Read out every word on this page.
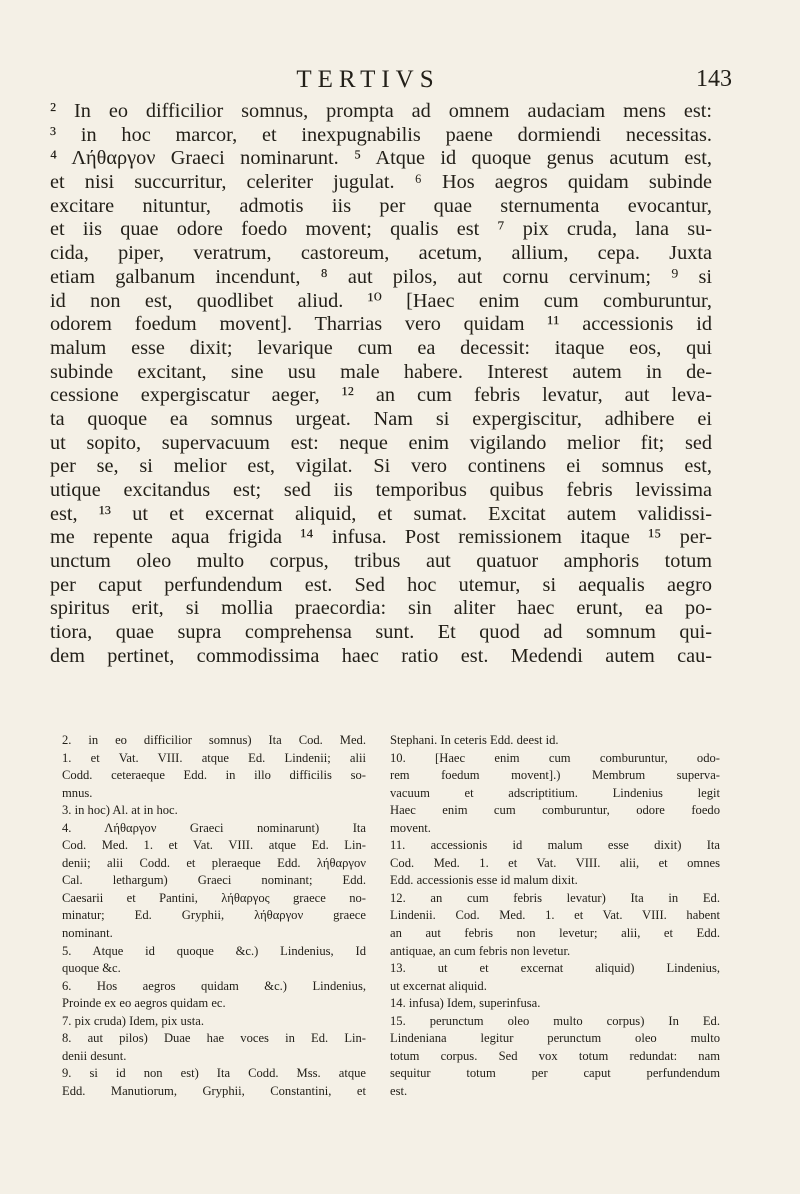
TERTIVS	143
² In eo difficilior somnus, prompta ad omnem audaciam mens est:
³ in hoc marcor, et inexpugnabilis paene dormiendi necessitas.
⁴ Λήθαργον Graeci nominarunt. ⁵ Atque id quoque genus acutum est,
et nisi succurritur, celeriter jugulat. ⁶ Hos aegros quidam subinde
excitare nituntur, admotis iis per quae sternumenta evocantur,
et iis quae odore foedo movent; qualis est ⁷ pix cruda, lana su-
cida, piper, veratrum, castoreum, acetum, allium, cepa. Juxta
etiam galbanum incendunt, ⁸ aut pilos, aut cornu cervinum; ⁹ si
id non est, quodlibet aliud. ¹⁰ [Haec enim cum comburuntur,
odorem foedum movent]. Tharrias vero quidam ¹¹ accessionis id
malum esse dixit; levarique cum ea decessit: itaque eos, qui
subinde excitant, sine usu male habere. Interest autem in de-
cessione expergiscatur aeger, ¹² an cum febris levatur, aut leva-
ta quoque ea somnus urgeat. Nam si expergiscitur, adhibere ei
ut sopito, supervacuum est: neque enim vigilando melior fit; sed
per se, si melior est, vigilat. Si vero continens ei somnus est,
utique excitandus est; sed iis temporibus quibus febris levissima
est, ¹³ ut et excernat aliquid, et sumat. Excitat autem validissi-
me repente aqua frigida ¹⁴ infusa. Post remissionem itaque ¹⁵ per-
unctum oleo multo corpus, tribus aut quatuor amphoris totum
per caput perfundendum est. Sed hoc utemur, si aequalis aegro
spiritus erit, si mollia praecordia: sin aliter haec erunt, ea po-
tiora, quae supra comprehensa sunt. Et quod ad somnum qui-
dem pertinet, commodissima haec ratio est. Medendi autem cau-
2. in eo difficilior somnus) Ita Cod. Med.
1. et Vat. VIII. atque Ed. Lindenii; alii
Codd. ceteraeque Edd. in illo difficilis so-
mnus.
3. in hoc) Al. at in hoc.
4. Λήθαργον Graeci nominarunt) Ita
Cod. Med. 1. et Vat. VIII. atque Ed. Lin-
denii; alii Codd. et pleraeque Edd. λήθαργον
Cal. lethargum) Graeci nominant; Edd.
Caesarii et Pantini, λήθαργος graece no-
minatur; Ed. Gryphii, λήθαργον graece
nominant.
5. Atque id quoque &c.) Lindenius, Id
quoque &c.
6. Hos aegros quidam &c.) Lindenius,
Proinde ex eo aegros quidam ec.
7. pix cruda) Idem, pix usta.
8. aut pilos) Duae hae voces in Ed. Lin-
denii desunt.
9. si id non est) Ita Codd. Mss. atque
Edd. Manutiorum, Gryphii, Constantini, et
Stephani. In ceteris Edd. deest id.
10. [Haec enim cum comburuntur, odo-
rem foedum movent].) Membrum superva-
vacuum et adscriptitium. Lindenius legit
Haec enim cum comburuntur, odore foedo
movent.
11. accessionis id malum esse dixit) Ita
Cod. Med. 1. et Vat. VIII. alii, et omnes
Edd. accessionis esse id malum dixit.
12. an cum febris levatur) Ita in Ed.
Lindenii. Cod. Med. 1. et Vat. VIII. habent
an aut febris non levetur; alii, et Edd.
antiquae, an cum febris non levetur.
13. ut et excernat aliquid) Lindenius,
ut excernat aliquid.
14. infusa) Idem, superinfusa.
15. perunctum oleo multo corpus) In Ed.
Lindeniana legitur perunctum oleo multo
totum corpus. Sed vox totum redundat: nam
sequitur totum per caput perfundendum
est.
